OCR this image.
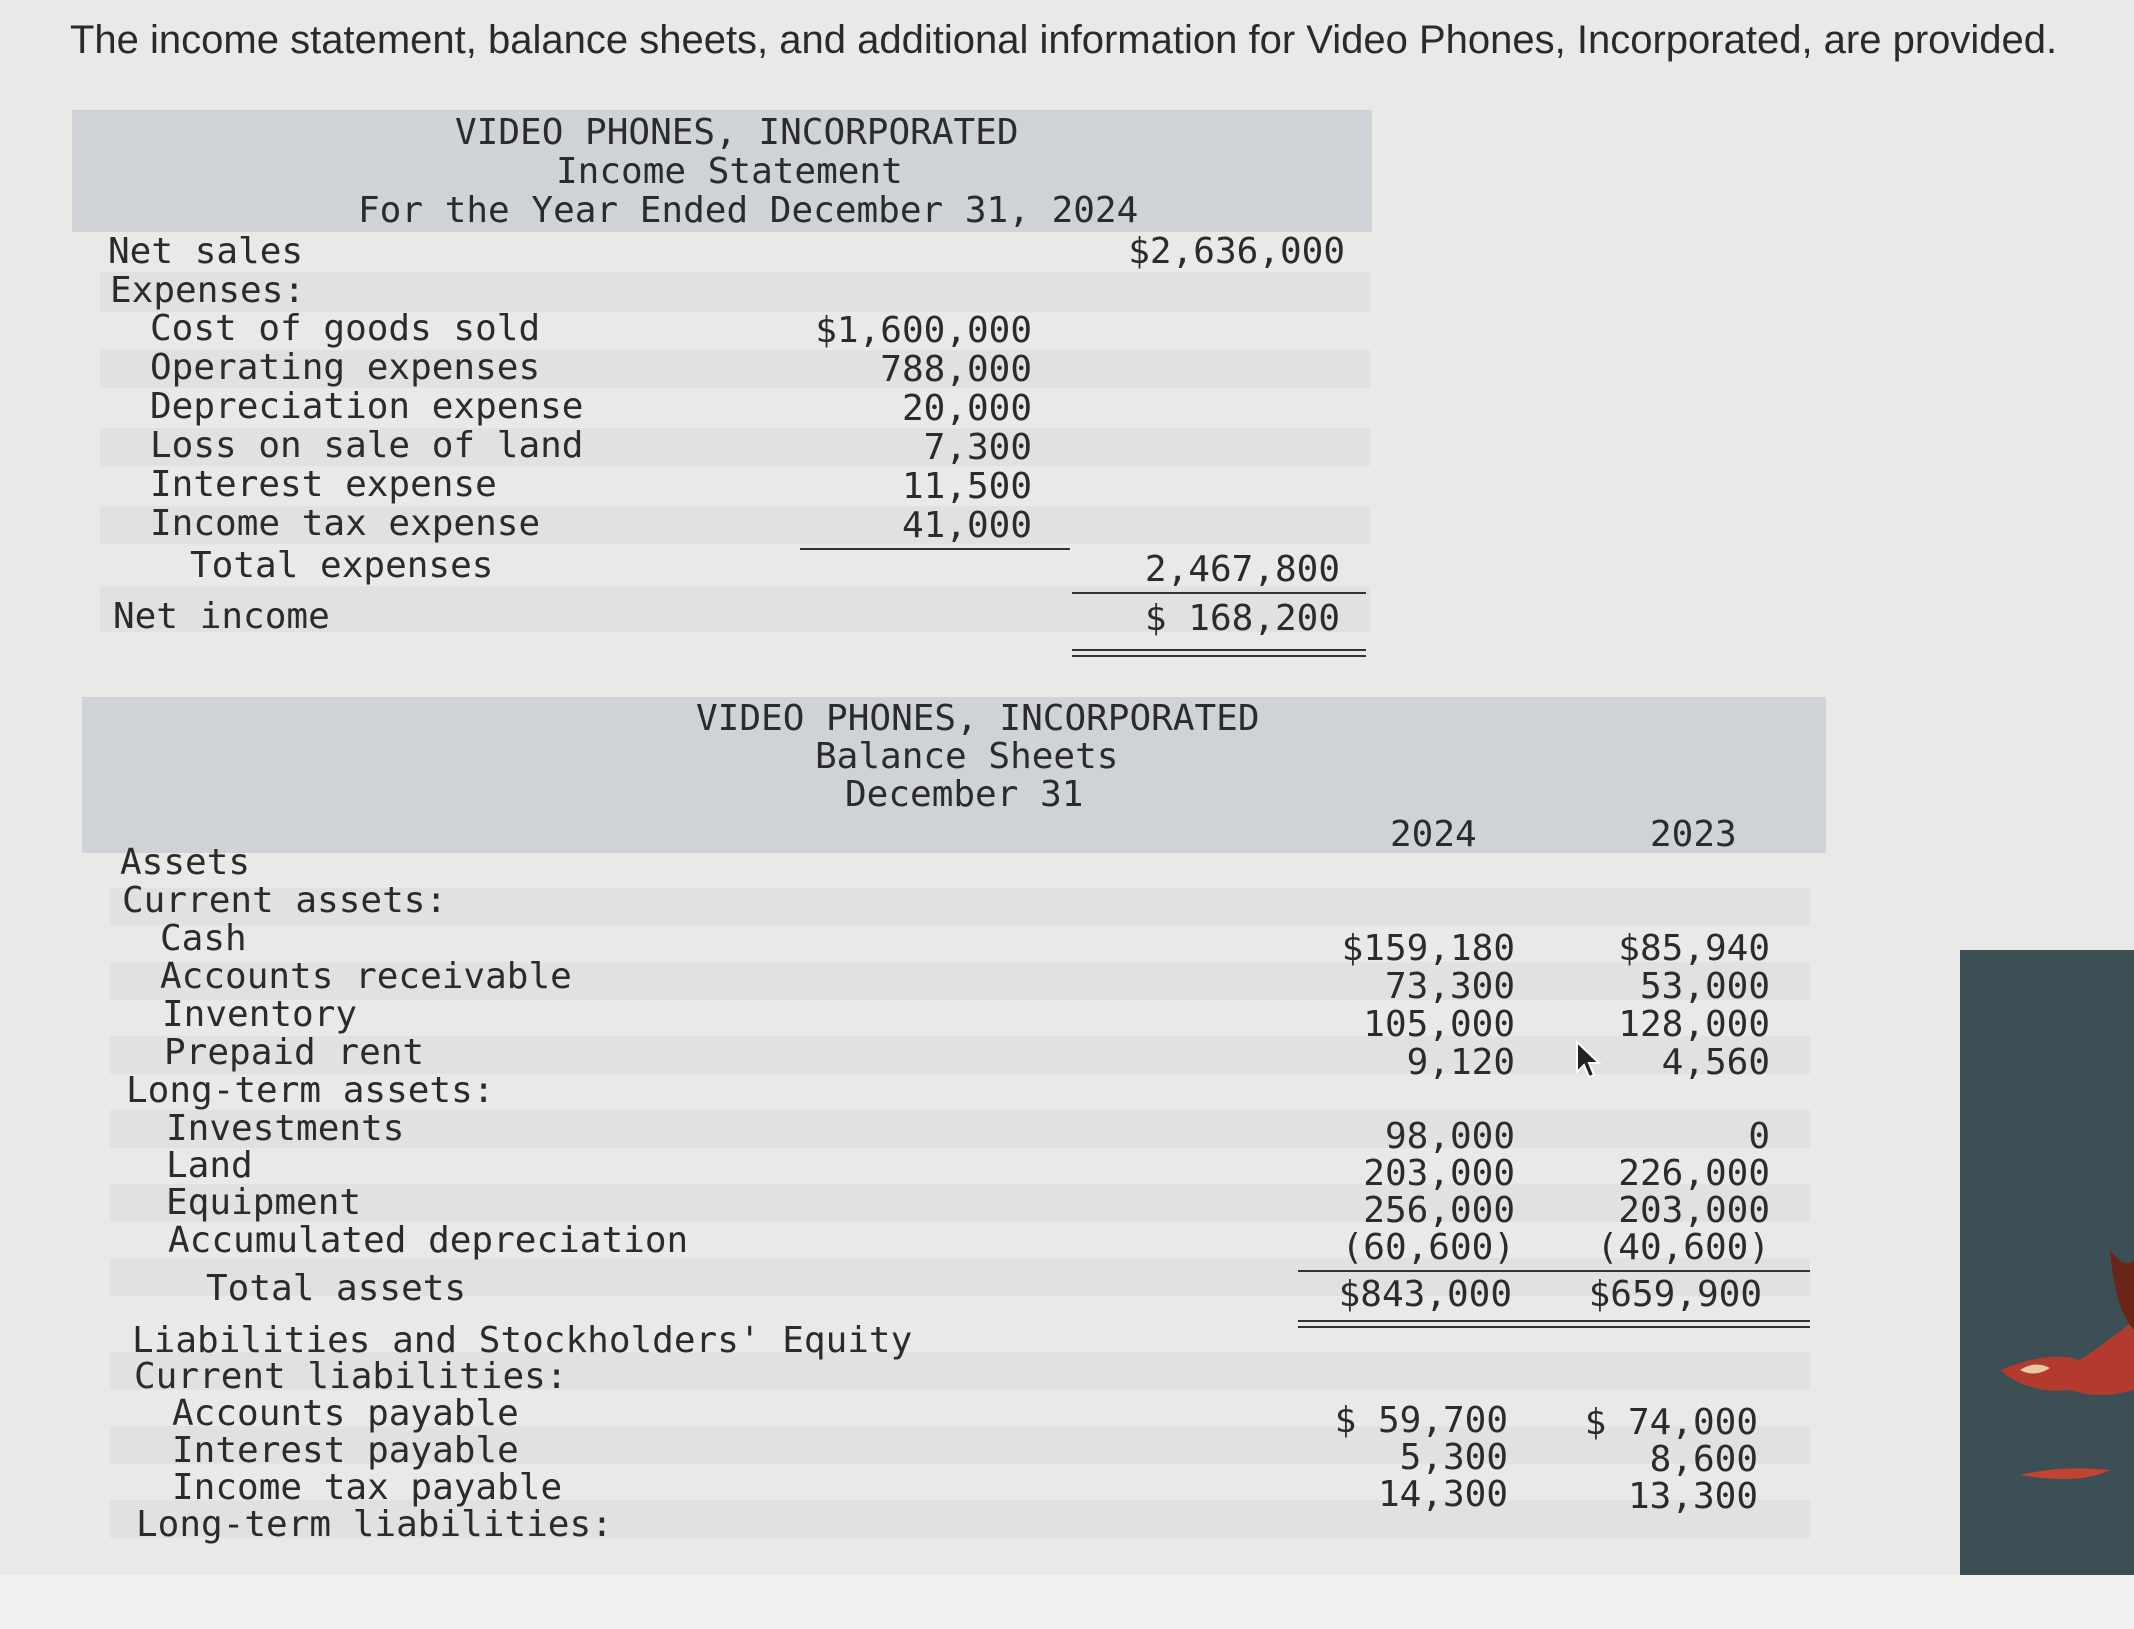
The income statement, balance sheets, and additional information for Video Phones, Incorporated, are provided.
VIDEO PHONES, INCORPORATED
Income Statement
For the Year Ended December 31, 2024
Net sales	$2,636,000
Expenses:
Cost of goods sold	$1,600,000
Operating expenses	788,000
Depreciation expense	20,000
Loss on sale of land	7,300
Interest expense	11,500
Income tax expense	41,000
Total expenses	2,467,800
Net income	$ 168,200
VIDEO PHONES, INCORPORATED
Balance Sheets
December 31
2024	2023
Assets
Current assets:
Cash	$159,180	$85,940
Accounts receivable	73,300	53,000
Inventory	105,000	128,000
Prepaid rent	9,120	4,560
Long-term assets:
Investments	98,000	0
Land	203,000	226,000
Equipment	256,000	203,000
Accumulated depreciation	(60,600)	(40,600)
Total assets	$843,000	$659,900
Liabilities and Stockholders' Equity
Current liabilities:
Accounts payable	$ 59,700	$ 74,000
Interest payable	5,300	8,600
Income tax payable	14,300	13,300
Long-term liabilities:
